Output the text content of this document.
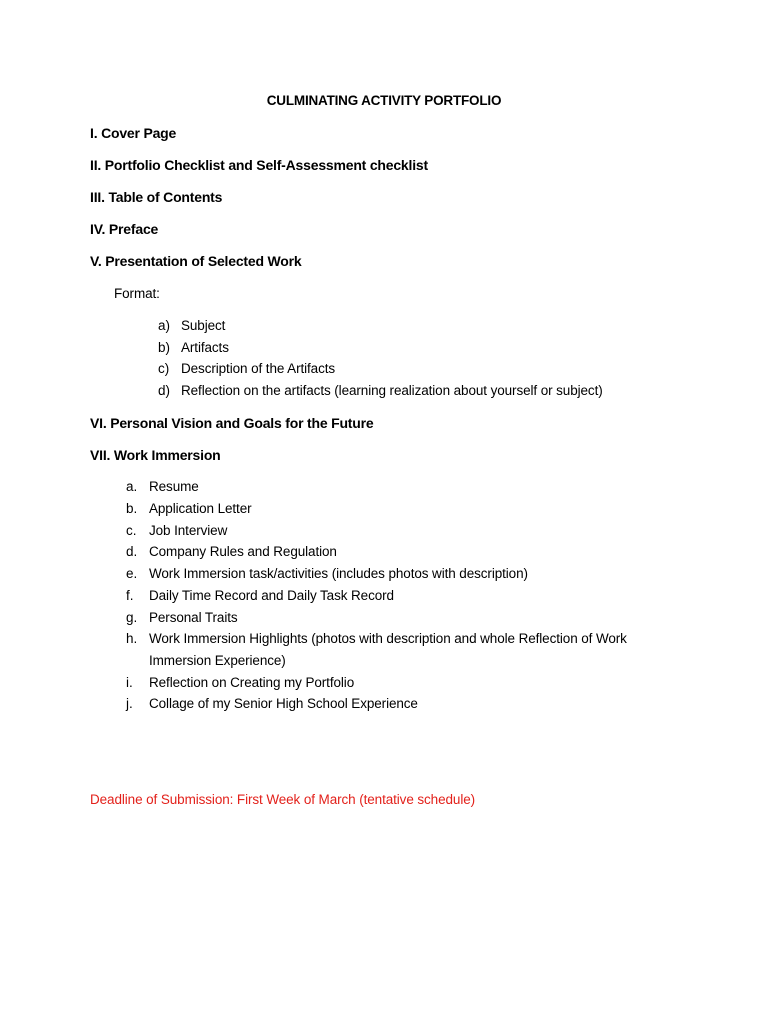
CULMINATING ACTIVITY PORTFOLIO
I. Cover Page
II. Portfolio Checklist and Self-Assessment checklist
III. Table of Contents
IV. Preface
V. Presentation of Selected Work
Format:
a) Subject
b) Artifacts
c) Description of the Artifacts
d) Reflection on the artifacts (learning realization about yourself or subject)
VI. Personal Vision and Goals for the Future
VII. Work Immersion
a. Resume
b. Application Letter
c. Job Interview
d. Company Rules and Regulation
e. Work Immersion task/activities (includes photos with description)
f. Daily Time Record and Daily Task Record
g. Personal Traits
h. Work Immersion Highlights (photos with description and whole Reflection of Work
Immersion Experience)
i. Reflection on Creating my Portfolio
j. Collage of my Senior High School Experience
Deadline of Submission: First Week of March (tentative schedule)
